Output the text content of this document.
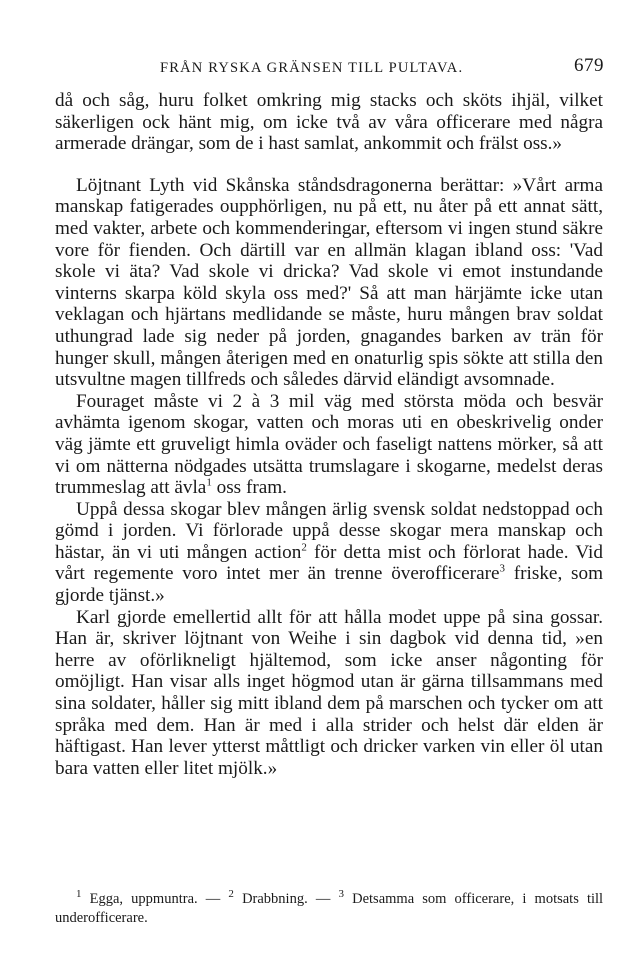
FRÅN RYSKA GRÄNSEN TILL PULTAVA.	679

då och såg, huru folket omkring mig stacks och sköts ihjäl, vilket säkerligen ock hänt mig, om icke två av våra officerare med några armerade drängar, som de i hast samlat, ankommit och frälst oss.»

Löjtnant Lyth vid Skånska ståndsdragonerna berättar: »Vårt arma manskap fatigerades oupphörligen, nu på ett, nu åter på ett annat sätt, med vakter, arbete och kommenderingar, eftersom vi ingen stund säkre vore för fienden. Och därtill var en allmän klagan ibland oss: 'Vad skole vi äta? Vad skole vi dricka? Vad skole vi emot instundande vinterns skarpa köld skyla oss med?' Så att man härjämte icke utan veklagan och hjärtans medlidande se måste, huru mången brav soldat uthungrad lade sig neder på jorden, gnagandes barken av trän för hunger skull, mången återigen med en onaturlig spis sökte att stilla den utsvultne magen tillfreds och således därvid eländigt avsomnade.

Fouraget måste vi 2 à 3 mil väg med största möda och besvär avhämta igenom skogar, vatten och moras uti en obeskrivelig onder väg jämte ett gruveligt himla oväder och faseligt nattens mörker, så att vi om nätterna nödgades utsätta trumslagare i skogarne, medelst deras trummeslag att ävla$^1$ oss fram.

Uppå dessa skogar blev mången ärlig svensk soldat nedstoppad och gömd i jorden. Vi förlorade uppå desse skogar mera manskap och hästar, än vi uti mången action$^2$ för detta mist och förlorat hade. Vid vårt regemente voro intet mer än trenne överofficerare$^3$ friske, som gjorde tjänst.»

Karl gjorde emellertid allt för att hålla modet uppe på sina gossar. Han är, skriver löjtnant von Weihe i sin dagbok vid denna tid, »en herre av oförlikneligt hjältemod, som icke anser någonting för omöjligt. Han visar alls inget högmod utan är gärna tillsammans med sina soldater, håller sig mitt ibland dem på marschen och tycker om att språka med dem. Han är med i alla strider och helst där elden är häftigast. Han lever ytterst måttligt och dricker varken vin eller öl utan bara vatten eller litet mjölk.»

$^1$ Egga, uppmuntra. — $^2$ Drabbning. — $^3$ Detsamma som officerare, i motsats till underofficerare.
